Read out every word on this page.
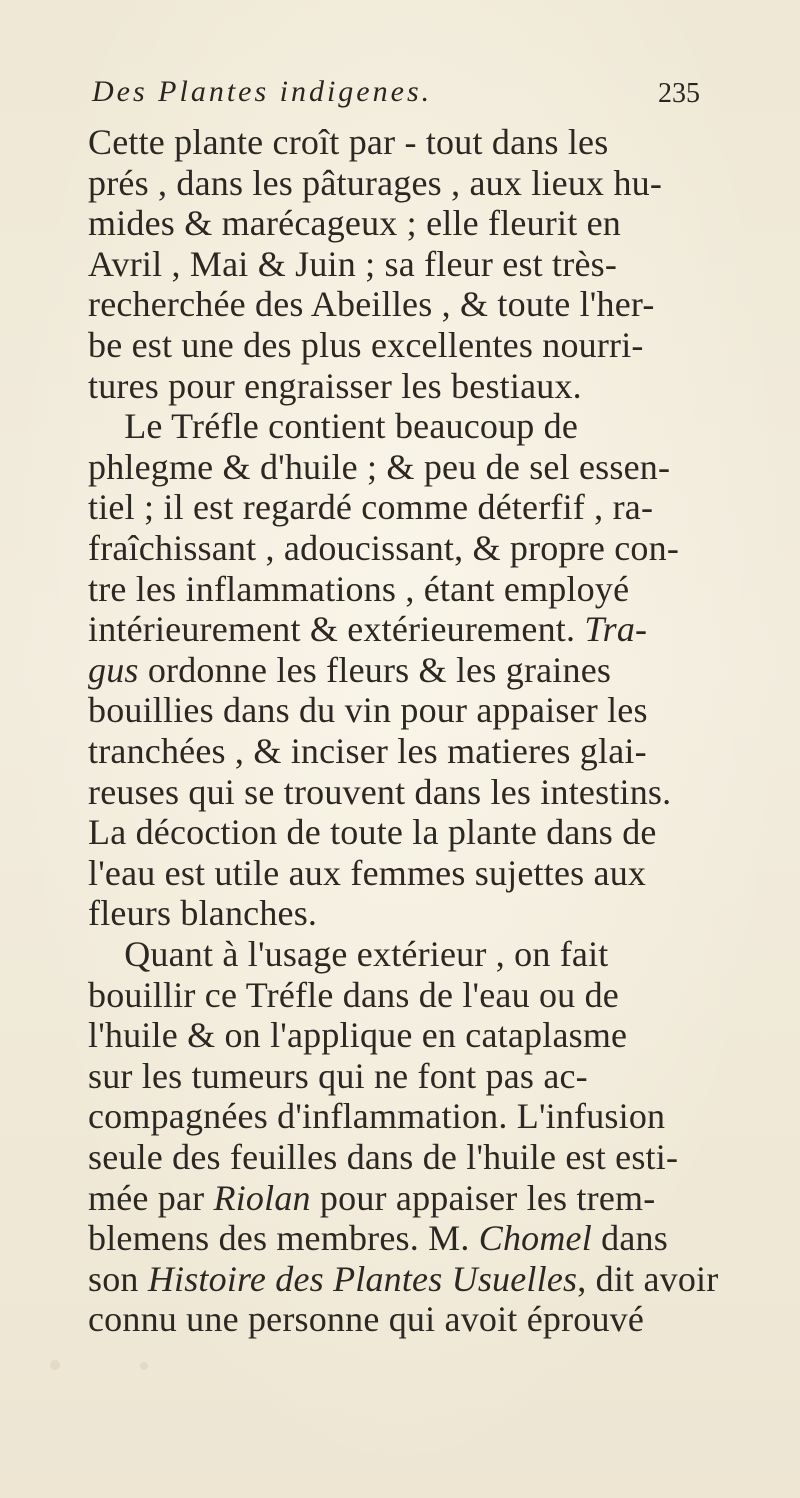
Des Plantes indigenes.	235
Cette plante croît par - tout dans les
prés , dans les pâturages , aux lieux hu-
mides & marécageux ; elle fleurit en
Avril , Mai & Juin ; sa fleur est très-
recherchée des Abeilles , & toute l'her-
be est une des plus excellentes nourri-
tures pour engraisser les bestiaux.
 Le Tréfle contient beaucoup de
phlegme & d'huile ; & peu de sel essen-
tiel ; il est regardé comme déterfif , ra-
fraîchissant , adoucissant, & propre con-
tre les inflammations , étant employé
intérieurement & extérieurement. Tra-
gus ordonne les fleurs & les graines
bouillies dans du vin pour appaiser les
tranchées , & inciser les matieres glai-
reuses qui se trouvent dans les intestins.
La décoction de toute la plante dans de
l'eau est utile aux femmes sujettes aux
fleurs blanches.
 Quant à l'usage extérieur , on fait
bouillir ce Tréfle dans de l'eau ou de
l'huile & on l'applique en cataplasme
sur les tumeurs qui ne font pas ac-
compagnées d'inflammation. L'infusion
seule des feuilles dans de l'huile est esti-
mée par Riolan pour appaiser les trem-
blemens des membres. M. Chomel dans
son Histoire des Plantes Usuelles, dit avoir
connu une personne qui avoit éprouvé
